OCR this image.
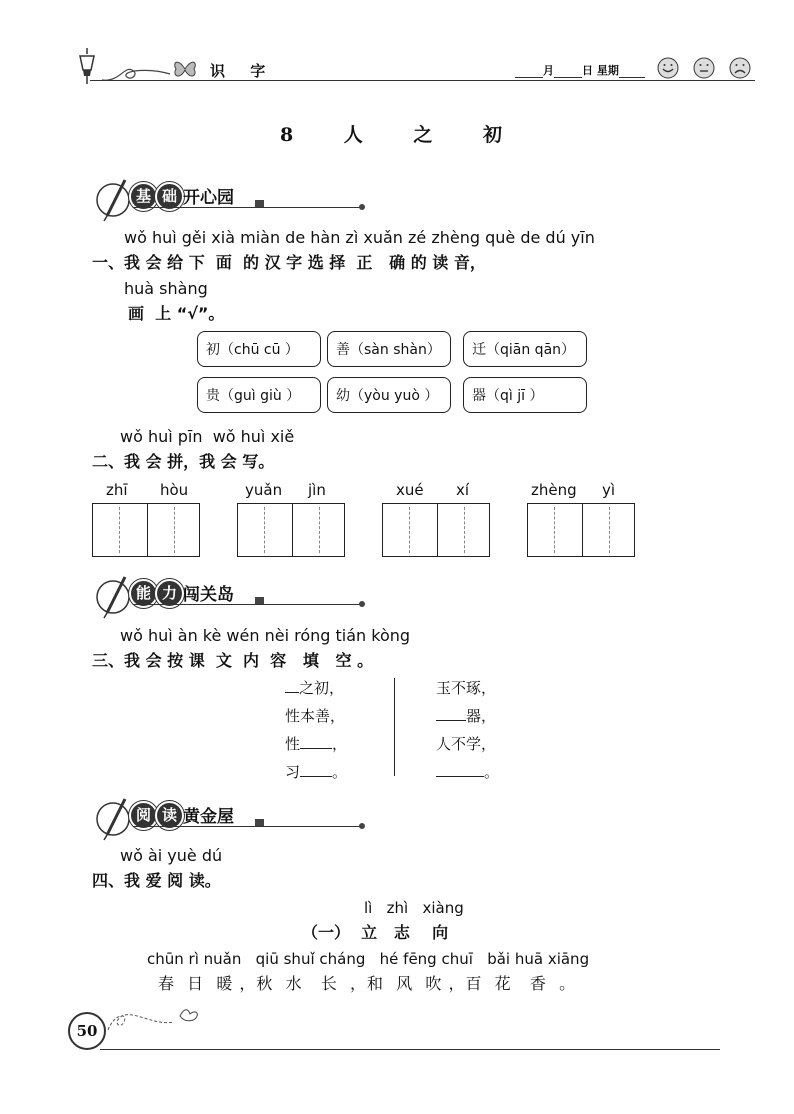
识 字	月	日 星期
8 人 之 初
基 础 开心园
wǒ huì gěi xià miàn de hàn zì xuǎn zé zhèng què de dú yīn
一、我 会 给 下  面  的 汉 字 选 择  正   确 的 读 音，
huà shàng
画  上 “√”。
初（chū cū ）	善（sàn shàn）	迁（qiān qān）
贵（guì giù ）	幼（yòu yuò ）	器（qì jī ）
wǒ huì pīn  wǒ huì xiě
二、我 会 拼，我 会 写。
zhī hòu	yuǎn jìn	xué xí	zhèng yì
能 力 闯关岛
wǒ huì àn kè wén nèi róng tián kòng
三、我 会 按 课  文  内  容   填   空 。
之初，
性本善，
性 ，
习 。
玉不琢，
器，
人不学，
。
阅 读 黄金屋
wǒ ài yuè dú
四、我 爱 阅 读。
lì   zhì   xiàng
（一）  立   志    向
chūn rì nuǎn   qiū shuǐ cháng   hé fēng chuī   bǎi huā xiāng
春  日  暖 ，秋  水   长  ，和  风  吹 ，百  花   香  。
50
